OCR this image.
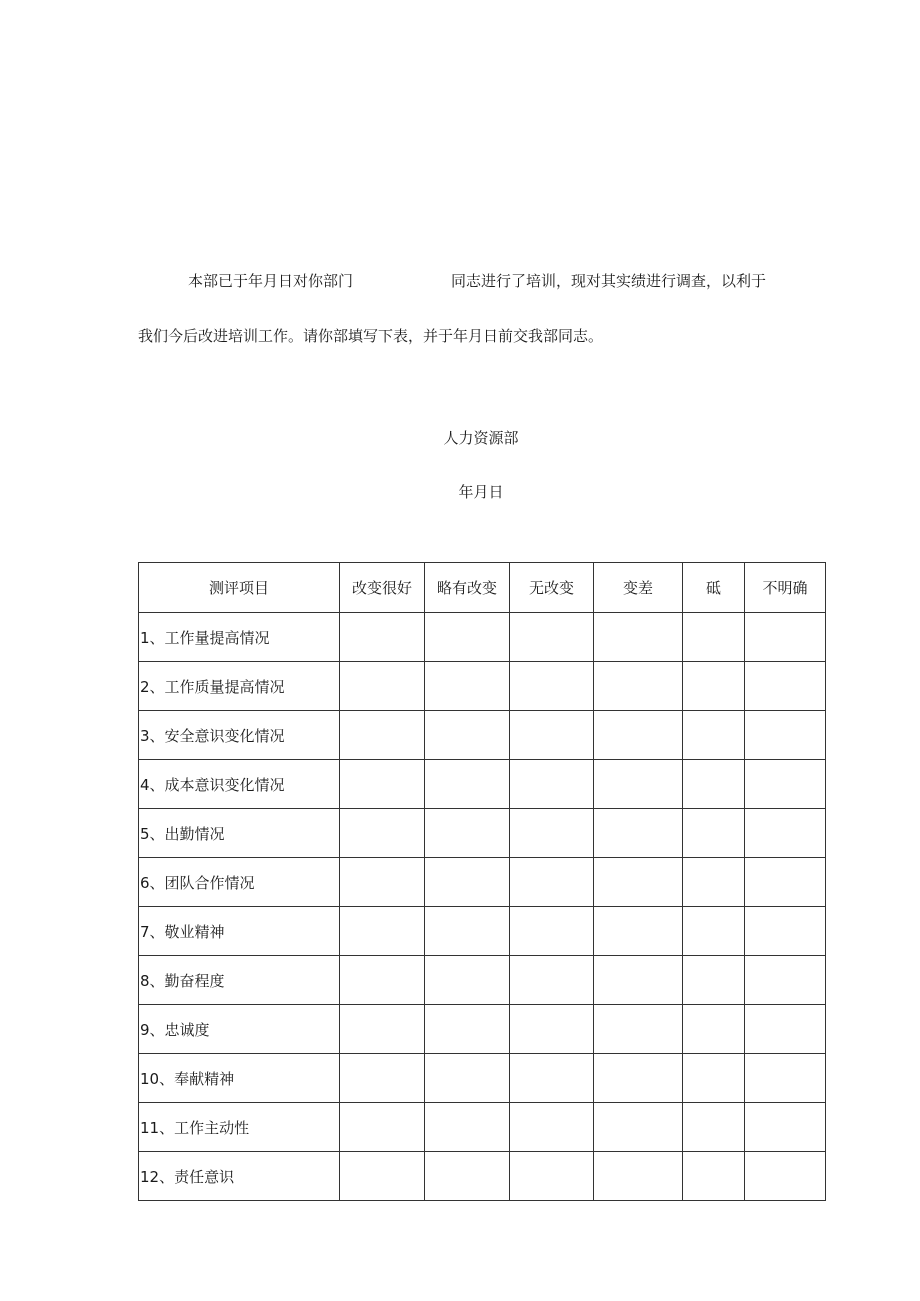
本部已于年月日对你部门	同志进行了培训，现对其实绩进行调查，以利于
我们今后改进培训工作。请你部填写下表，并于年月日前交我部同志。
人力资源部
年月日
测评项目	改变很好	略有改变	无改变	变差	砥	不明确
1、工作量提高情况						
2、工作质量提高情况						
3、安全意识变化情况						
4、成本意识变化情况						
5、出勤情况						
6、团队合作情况						
7、敬业精神						
8、勤奋程度						
9、忠诚度						
10、奉献精神						
11、工作主动性						
12、责任意识						
